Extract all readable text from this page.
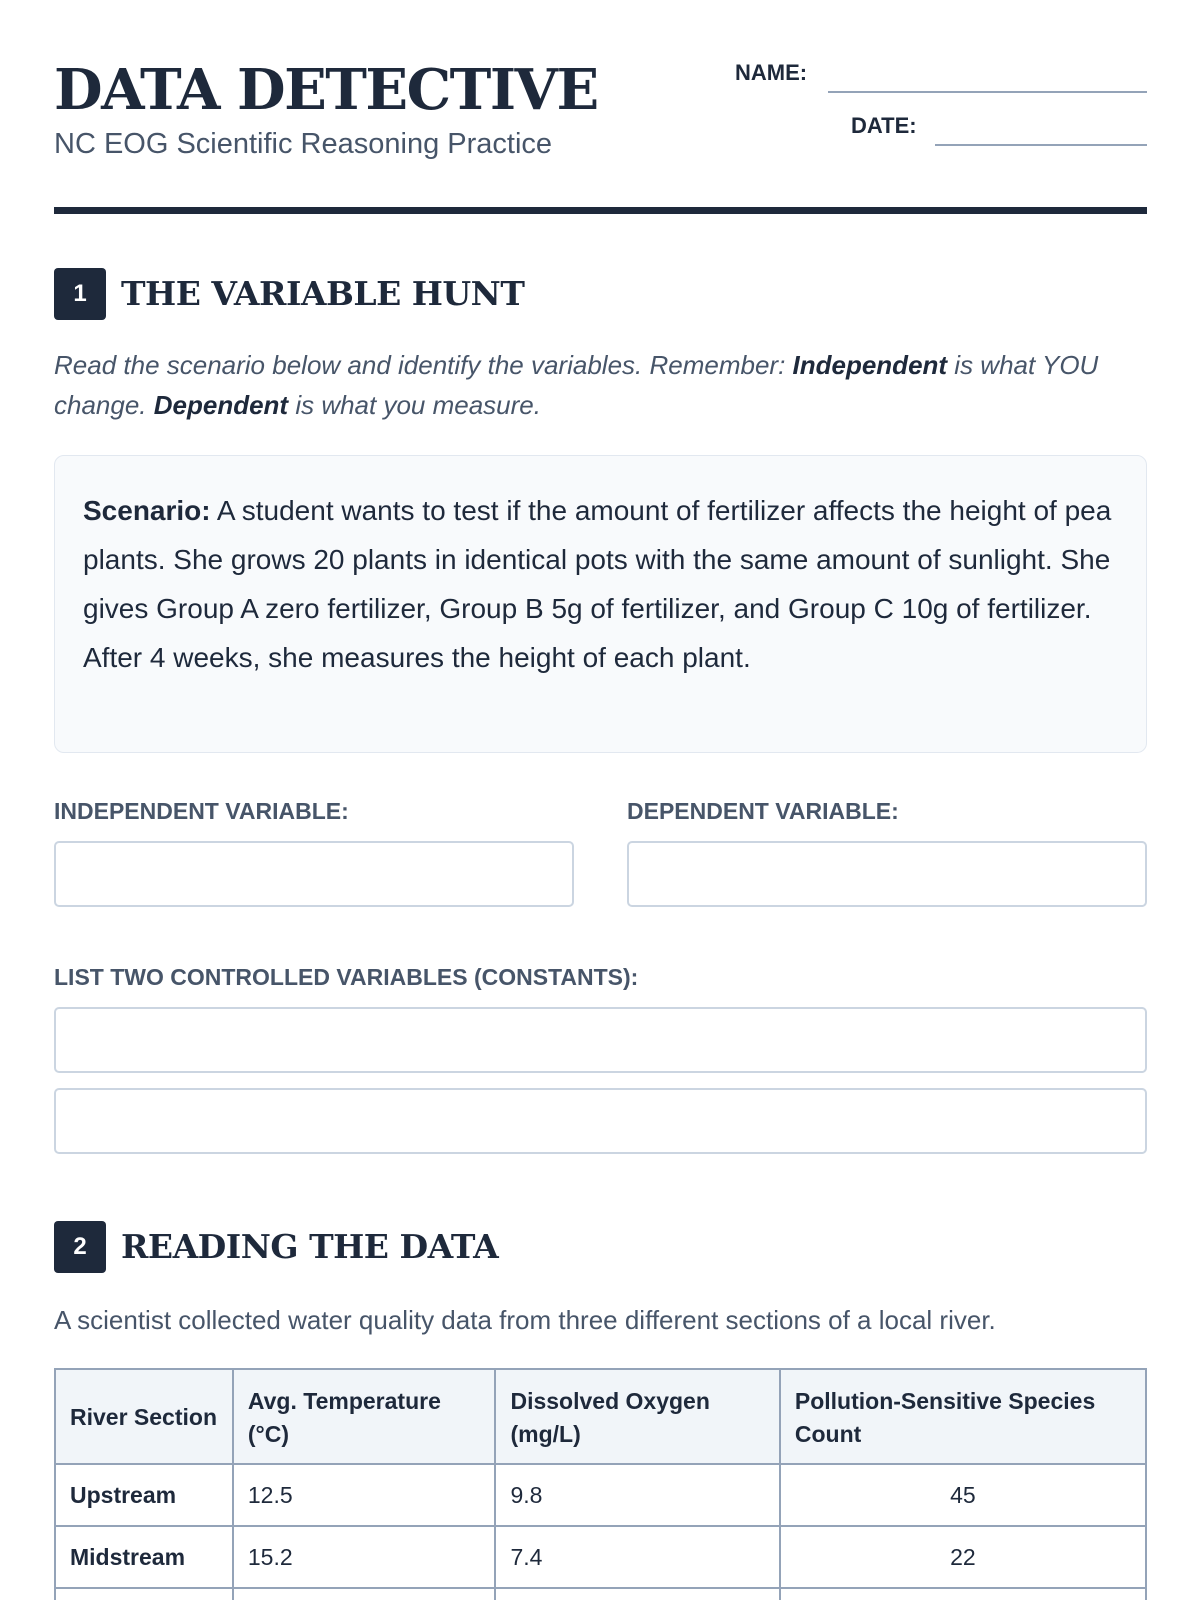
DATA DETECTIVE
NC EOG Scientific Reasoning Practice
NAME:
DATE:
1	THE VARIABLE HUNT

Read the scenario below and identify the variables. Remember: Independent is what YOU change. Dependent is what you measure.

Scenario: A student wants to test if the amount of fertilizer affects the height of pea plants. She grows 20 plants in identical pots with the same amount of sunlight. She gives Group A zero fertilizer, Group B 5g of fertilizer, and Group C 10g of fertilizer. After 4 weeks, she measures the height of each plant.
INDEPENDENT VARIABLE:	DEPENDENT VARIABLE:
LIST TWO CONTROLLED VARIABLES (CONSTANTS):
2	READING THE DATA

A scientist collected water quality data from three different sections of a local river.

River Section	Avg. Temperature (°C)	Dissolved Oxygen (mg/L)	Pollution-Sensitive Species Count
Upstream	12.5	9.8	45
Midstream	15.2	7.4	22
